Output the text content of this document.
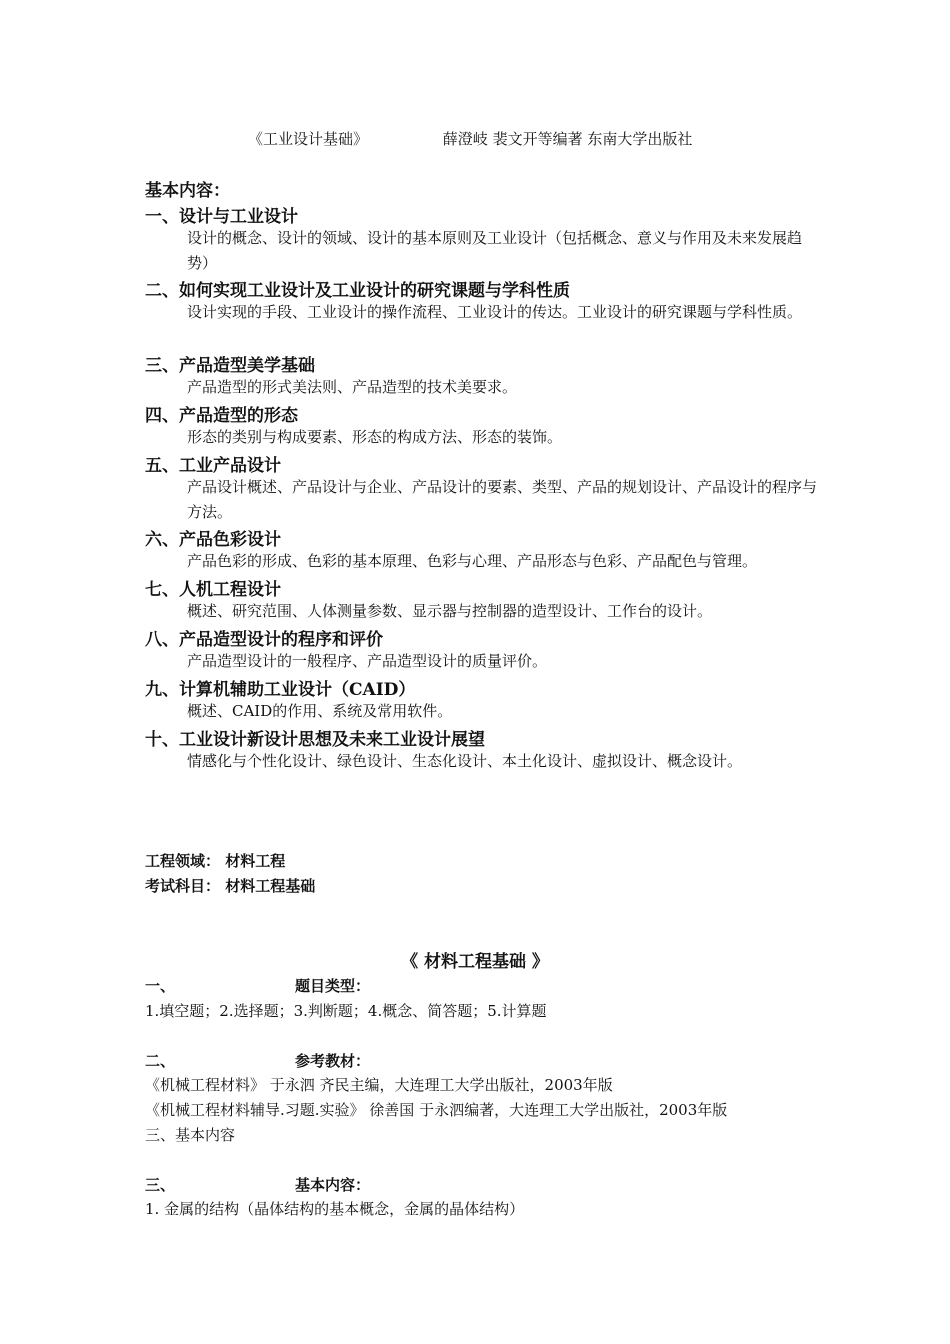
《工业设计基础》	薛澄岐 裴文开等编著 东南大学出版社
基本内容：
一、设计与工业设计
设计的概念、设计的领域、设计的基本原则及工业设计（包括概念、意义与作用及未来发展趋势）
二、如何实现工业设计及工业设计的研究课题与学科性质
设计实现的手段、工业设计的操作流程、工业设计的传达。工业设计的研究课题与学科性质。
三、产品造型美学基础
产品造型的形式美法则、产品造型的技术美要求。
四、产品造型的形态
形态的类别与构成要素、形态的构成方法、形态的装饰。
五、工业产品设计
产品设计概述、产品设计与企业、产品设计的要素、类型、产品的规划设计、产品设计的程序与方法。
六、产品色彩设计
产品色彩的形成、色彩的基本原理、色彩与心理、产品形态与色彩、产品配色与管理。
七、人机工程设计
概述、研究范围、人体测量参数、显示器与控制器的造型设计、工作台的设计。
八、产品造型设计的程序和评价
产品造型设计的一般程序、产品造型设计的质量评价。
九、计算机辅助工业设计（CAID）
概述、CAID的作用、系统及常用软件。
十、工业设计新设计思想及未来工业设计展望
情感化与个性化设计、绿色设计、生态化设计、本土化设计、虚拟设计、概念设计。
工程领域： 材料工程
考试科目： 材料工程基础
《 材料工程基础 》
一、	题目类型：
1.填空题；2.选择题；3.判断题；4.概念、简答题；5.计算题
二、	参考教材：
《机械工程材料》 于永泗 齐民主编，大连理工大学出版社，2003年版
《机械工程材料辅导.习题.实验》 徐善国 于永泗编著，大连理工大学出版社，2003年版
三、基本内容
三、	基本内容：
1. 金属的结构（晶体结构的基本概念，金属的晶体结构）
